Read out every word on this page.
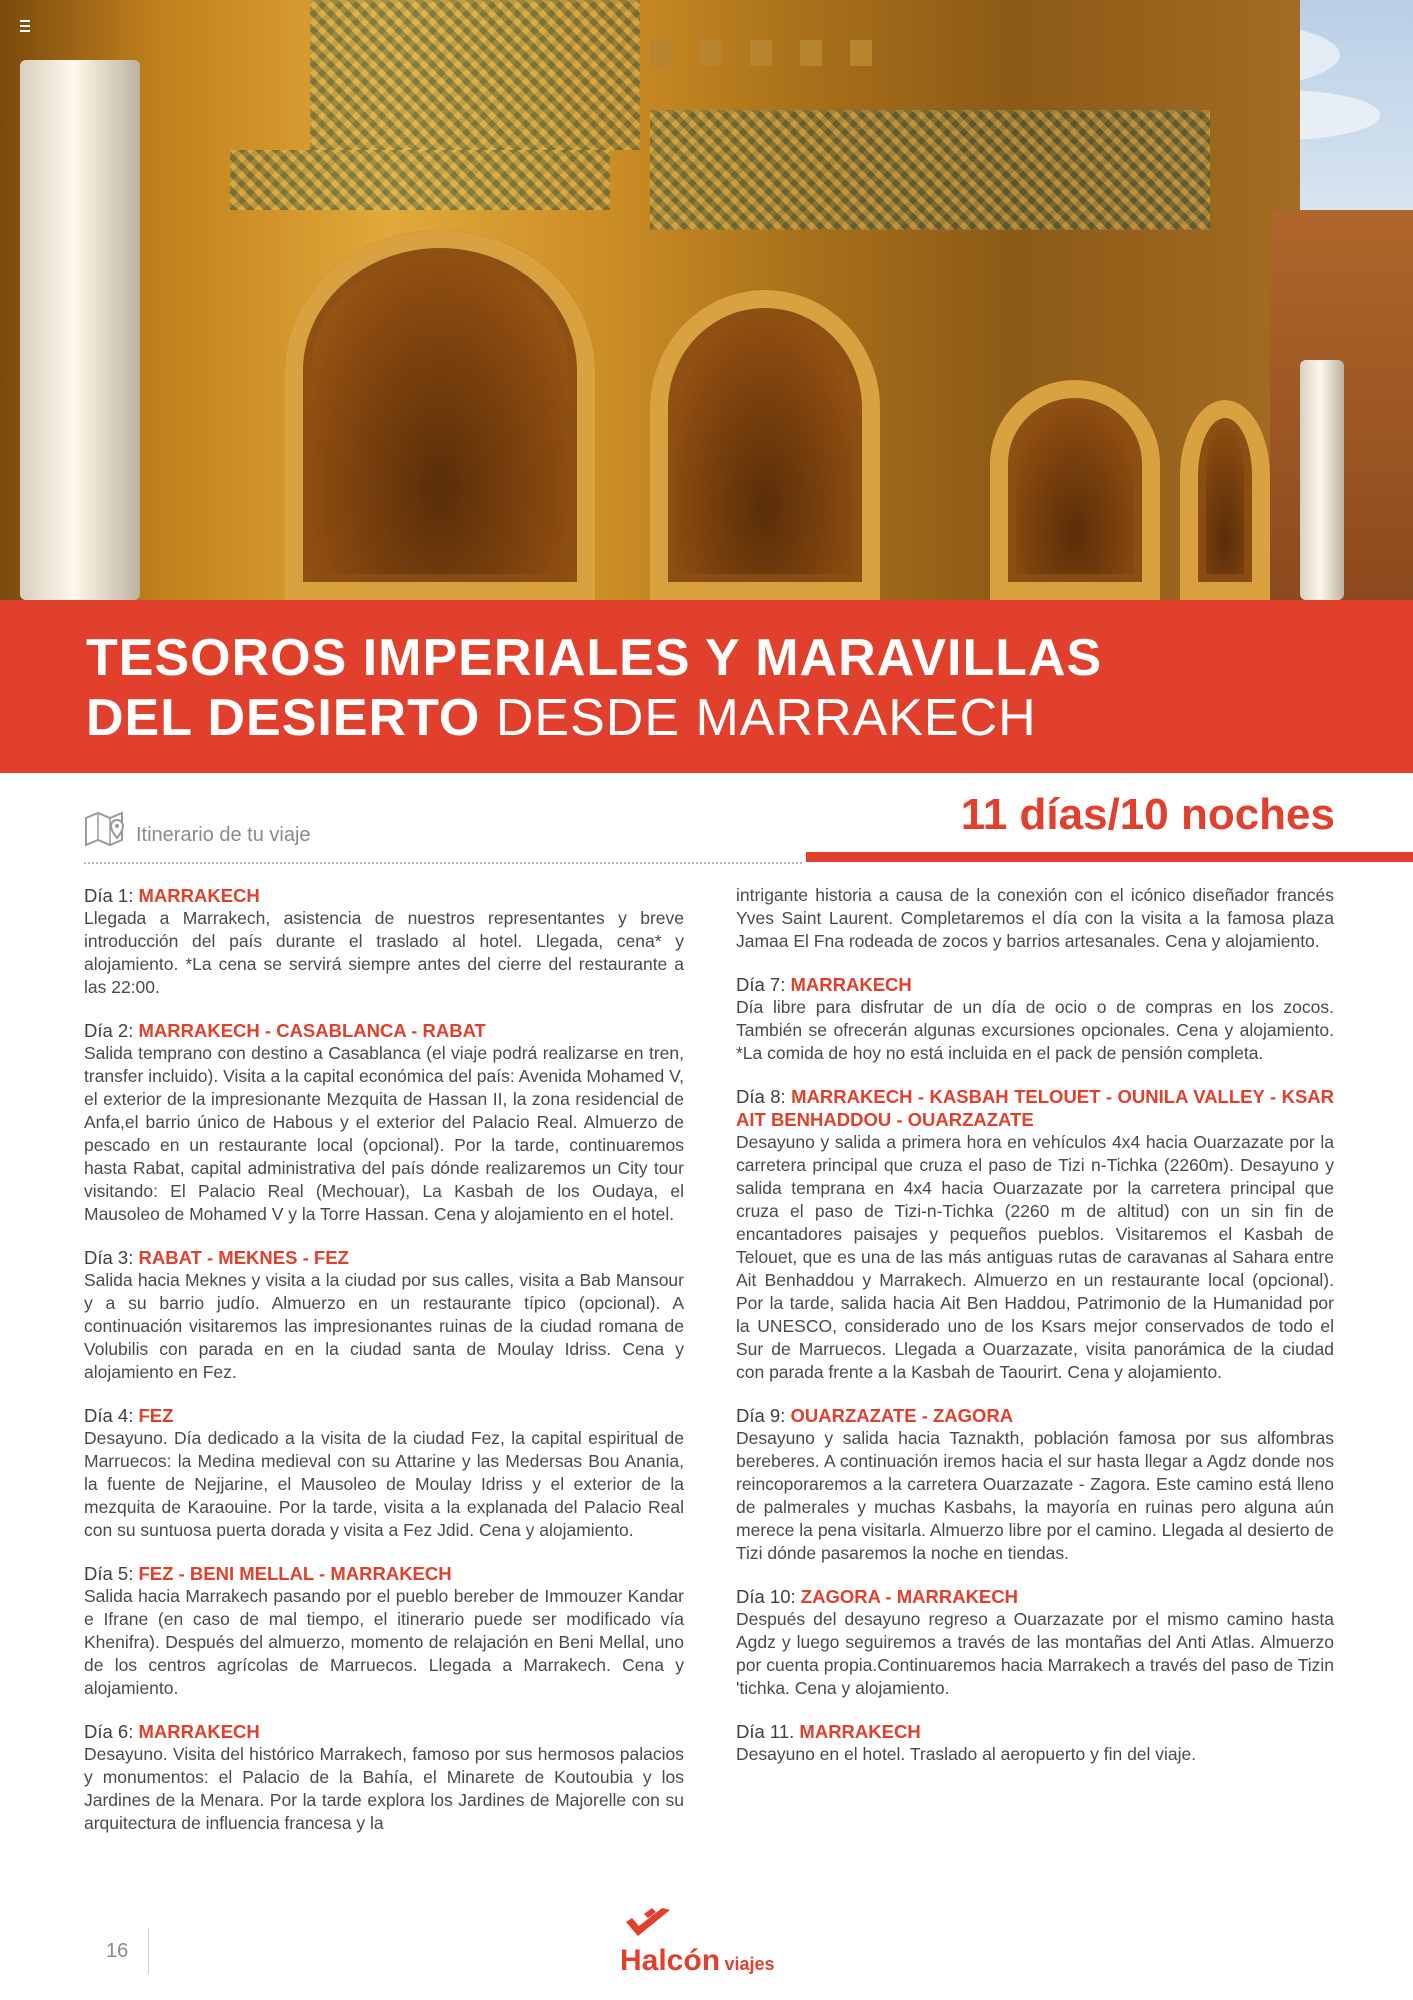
TESOROS IMPERIALES Y MARAVILLAS
DEL DESIERTO DESDE MARRAKECH
Itinerario de tu viaje	11 días/10 noches
Día 1: MARRAKECH

Llegada a Marrakech, asistencia de nuestros representantes y breve introducción del país durante el traslado al hotel. Llegada, cena* y alojamiento. *La cena se servirá siempre antes del cierre del restaurante a las 22:00.

Día 2: MARRAKECH - CASABLANCA - RABAT

Salida temprano con destino a Casablanca (el viaje podrá realizarse en tren, transfer incluido). Visita a la capital económica del país: Avenida Mohamed V, el exterior de la impresionante Mezquita de Hassan II, la zona residencial de Anfa,el barrio único de Habous y el exterior del Palacio Real. Almuerzo de pescado en un restaurante local (opcional). Por la tarde, continuaremos hasta Rabat, capital administrativa del país dónde realizaremos un City tour visitando: El Palacio Real (Mechouar), La Kasbah de los Oudaya, el Mausoleo de Mohamed V y la Torre Hassan. Cena y alojamiento en el hotel.

Día 3: RABAT - MEKNES - FEZ

Salida hacia Meknes y visita a la ciudad por sus calles, visita a Bab Mansour y a su barrio judío. Almuerzo en un restaurante típico (opcional). A continuación visitaremos las impresionantes ruinas de la ciudad romana de Volubilis con parada en en la ciudad santa de Moulay Idriss. Cena y alojamiento en Fez.

Día 4: FEZ

Desayuno. Día dedicado a la visita de la ciudad Fez, la capital espiritual de Marruecos: la Medina medieval con su Attarine y las Medersas Bou Anania, la fuente de Nejjarine, el Mausoleo de Moulay Idriss y el exterior de la mezquita de Karaouine. Por la tarde, visita a la explanada del Palacio Real con su suntuosa puerta dorada y visita a Fez Jdid. Cena y alojamiento.

Día 5: FEZ - BENI MELLAL - MARRAKECH

Salida hacia Marrakech pasando por el pueblo bereber de Immouzer Kandar e Ifrane (en caso de mal tiempo, el itinerario puede ser modificado vía Khenifra). Después del almuerzo, momento de relajación en Beni Mellal, uno de los centros agrícolas de Marruecos. Llegada a Marrakech. Cena y alojamiento.

Día 6: MARRAKECH

Desayuno. Visita del histórico Marrakech, famoso por sus hermosos palacios y monumentos: el Palacio de la Bahía, el Minarete de Koutoubia y los Jardines de la Menara. Por la tarde explora los Jardines de Majorelle con su arquitectura de influencia francesa y la

intrigante historia a causa de la conexión con el icónico diseñador francés Yves Saint Laurent. Completaremos el día con la visita a la famosa plaza Jamaa El Fna rodeada de zocos y barrios artesanales. Cena y alojamiento.

Día 7: MARRAKECH

Día libre para disfrutar de un día de ocio o de compras en los zocos. También se ofrecerán algunas excursiones opcionales. Cena y alojamiento. *La comida de hoy no está incluida en el pack de pensión completa.

Día 8: MARRAKECH - KASBAH TELOUET - OUNILA VALLEY - KSAR AIT BENHADDOU - OUARZAZATE

Desayuno y salida a primera hora en vehículos 4x4 hacia Ouarzazate por la carretera principal que cruza el paso de Tizi n-Tichka (2260m). Desayuno y salida temprana en 4x4 hacia Ouarzazate por la carretera principal que cruza el paso de Tizi-n-Tichka (2260 m de altitud) con un sin fin de encantadores paisajes y pequeños pueblos. Visitaremos el Kasbah de Telouet, que es una de las más antiguas rutas de caravanas al Sahara entre Ait Benhaddou y Marrakech. Almuerzo en un restaurante local (opcional). Por la tarde, salida hacia Ait Ben Haddou, Patrimonio de la Humanidad por la UNESCO, considerado uno de los Ksars mejor conservados de todo el Sur de Marruecos. Llegada a Ouarzazate, visita panorámica de la ciudad con parada frente a la Kasbah de Taourirt. Cena y alojamiento.

Día 9: OUARZAZATE - ZAGORA

Desayuno y salida hacia Taznakth, población famosa por sus alfombras bereberes. A continuación iremos hacia el sur hasta llegar a Agdz donde nos reincoporaremos a la carretera Ouarzazate - Zagora. Este camino está lleno de palmerales y muchas Kasbahs, la mayoría en ruinas pero alguna aún merece la pena visitarla. Almuerzo libre por el camino. Llegada al desierto de Tizi dónde pasaremos la noche en tiendas.

Día 10: ZAGORA - MARRAKECH

Después del desayuno regreso a Ouarzazate por el mismo camino hasta Agdz y luego seguiremos a través de las montañas del Anti Atlas. Almuerzo por cuenta propia.Continuaremos hacia Marrakech a través del paso de Tizin 'tichka. Cena y alojamiento.

Día 11. MARRAKECH

Desayuno en el hotel. Traslado al aeropuerto y fin del viaje.

16	Halcón viajes
